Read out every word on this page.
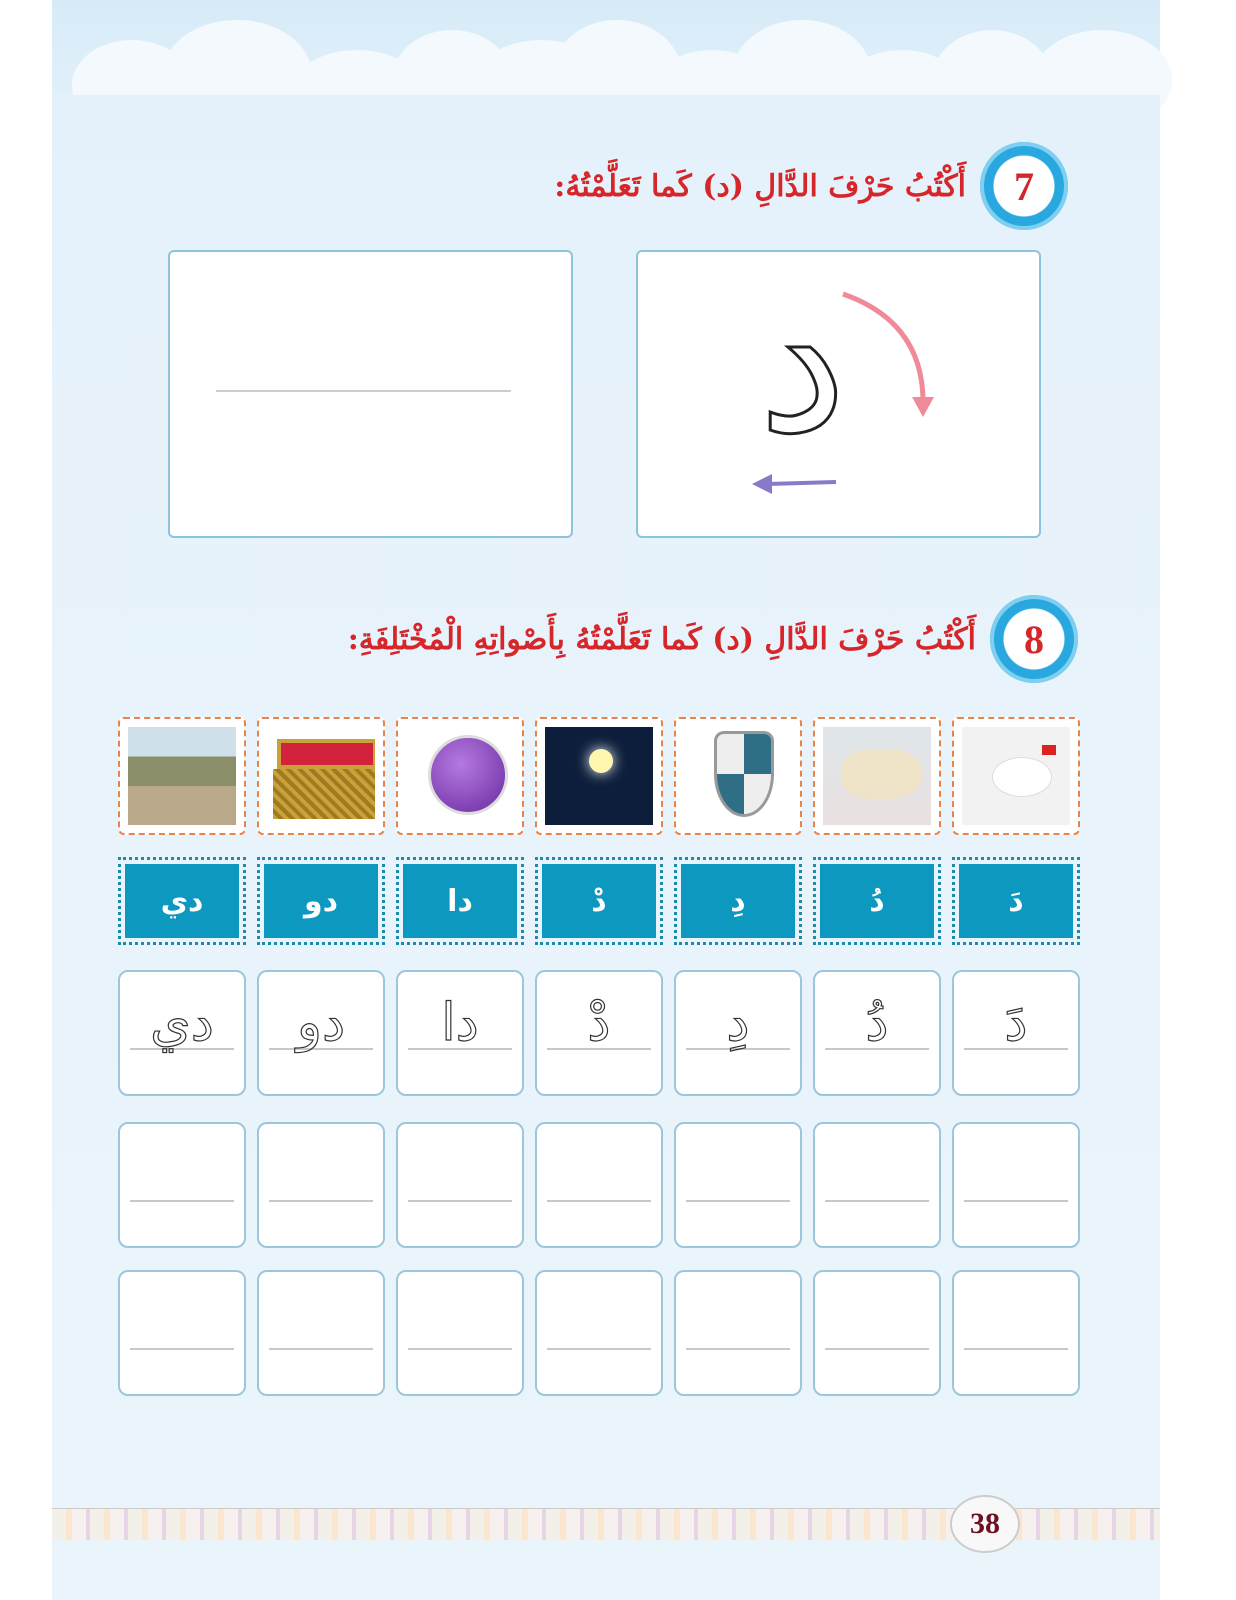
7
أَكْتُبُ حَرْفَ الدَّالِ (د) كَما تَعَلَّمْتُهُ:
د
8
أَكْتُبُ حَرْفَ الدَّالِ (د) كَما تَعَلَّمْتُهُ بِأَصْواتِهِ الْمُخْتَلِفَةِ:
دَ
دُ
دِ
دْ
دا
دو
دي
دَ
دُ
دِ
دْ
دا
دو
دي
38
